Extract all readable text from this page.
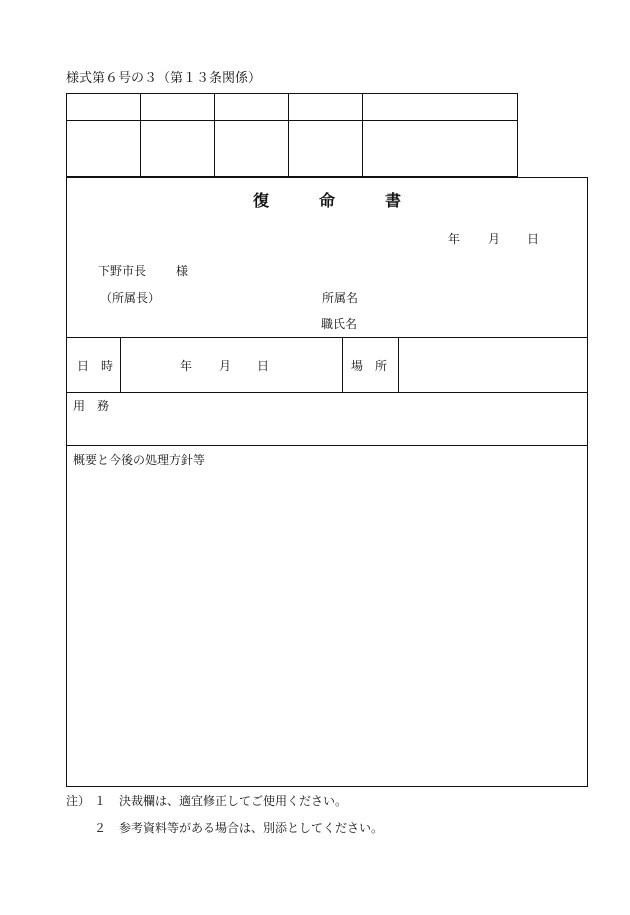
様式第６号の３（第１３条関係）
復	命	書
年 月 日
下野市長 様
（所属長）	所属名
職氏名
日　時	年 月 日	場　所
用　務
概要と今後の処理方針等
注） １ 決裁欄は、適宜修正してご使用ください。
２ 参考資料等がある場合は、別添としてください。
